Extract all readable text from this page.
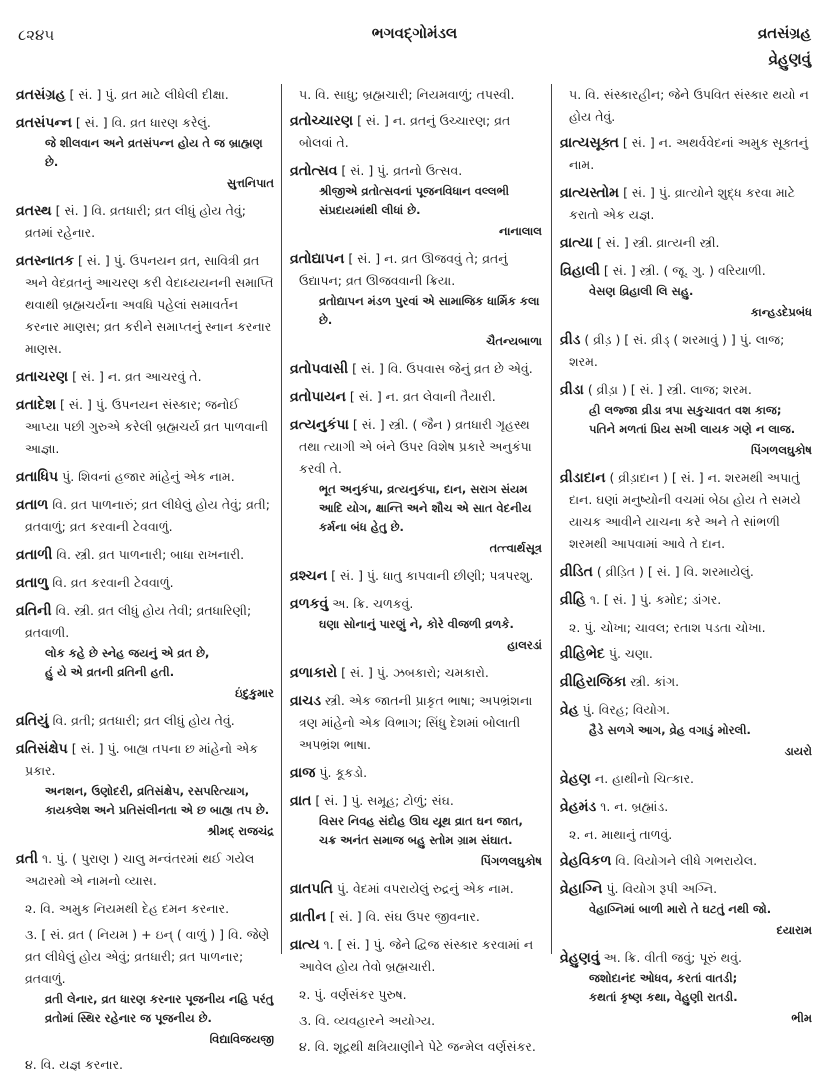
૮૨૪૫	ભગવદ્ગોમંડલ	વ્રતસંગ્રહ
વ્રેહુણવું
વ્રતસંગ્રહ [ સં. ] પું. વ્રત માટે લીધેલી દીક્ષા.
વ્રતસંપન્ન [ સં. ] વિ. વ્રત ધારણ કરેલું.
જે શીલવાન અને વ્રતસંપન્ન હોય તે જ બ્રાહ્મણ છે.
સુત્તનિપાત
વ્રતસ્થ [ સં. ] વિ. વ્રતધારી; વ્રત લીધું હોય તેવું; વ્રતમાં રહેનાર.
વ્રતસ્નાતક [ સં. ] પું. ઉપનયન વ્રત, સાવિત્રી વ્રત અને વેદવ્રતનું આચરણ કરી વેદાધ્યયનની સમાપ્તિ થવાથી બ્રહ્મચર્યના અવધિ પહેલાં સમાવર્તન કરનાર માણસ; વ્રત કરીને સમાપ્તનું સ્નાન કરનાર માણસ.
વ્રતાચરણ [ સં. ] ન. વ્રત આચરવું તે.
વ્રતાદેશ [ સં. ] પું. ઉપનયન સંસ્કાર; જનોઈ આપ્યા પછી ગુરુએ કરેલી બ્રહ્મચર્ય વ્રત પાળવાની આજ્ઞા.
વ્રતાધિપ પું. શિવનાં હજાર માંહેનું એક નામ.
વ્રતાળ વિ. વ્રત પાળનારું; વ્રત લીધેલું હોય તેવું; વ્રતી; વ્રતવાળું; વ્રત કરવાની ટેવવાળું.
વ્રતાળી વિ. સ્ત્રી. વ્રત પાળનારી; બાધા રાખનારી.
વ્રતાળુ વિ. વ્રત કરવાની ટેવવાળું.
વ્રતિની વિ. સ્ત્રી. વ્રત લીધું હોય તેવી; વ્રતધારિણી; વ્રતવાળી.
લોક કહે છે સ્નેહ જયનું એ વ્રત છે,
હું યે એ વ્રતની વ્રતિની હતી.
ઇંદુકુમાર
વ્રતિયું વિ. વ્રતી; વ્રતધારી; વ્રત લીધું હોય તેવું.
વ્રતિસંક્ષેપ [ સં. ] પું. બાહ્ય તપના છ માંહેનો એક પ્રકાર.
અનશન, ઉણોદરી, વ્રતિસંક્ષેપ, રસપરિત્યાગ, કાયક્લેશ અને પ્રતિસંલીનતા એ છ બાહ્ય તપ છે.
શ્રીમદ્ રાજચંદ્ર
વ્રતી ૧. પું. ( પુરાણ ) ચાલુ મન્વંતરમાં થઈ ગયેલ અઢારમો એ નામનો વ્યાસ.
૨. વિ. અમુક નિયમથી દેહ દમન કરનાર.
૩. [ સં. વ્રત ( નિયમ ) + ઇન્ ( વાળું ) ] વિ. જેણે વ્રત લીધેલું હોય એવું; વ્રતધારી; વ્રત પાળનાર; વ્રતવાળું.
વ્રતી લેનાર, વ્રત ધારણ કરનાર પૂજનીય નહિ પરંતુ વ્રતોમાં સ્થિર રહેનાર જ પૂજનીય છે.
વિદ્યાવિજયજી
૪. વિ. યજ્ઞ કરનાર.
૫. વિ. સાધુ; બ્રહ્મચારી; નિયમવાળું; તપસ્વી.
વ્રતોચ્ચારણ [ સં. ] ન. વ્રતનું ઉચ્ચારણ; વ્રત બોલવાં તે.
વ્રતોત્સવ [ સં. ] પું. વ્રતનો ઉત્સવ.
શ્રીજીએ વ્રતોત્સવનાં પૂજનવિધાન વલ્લભી સંપ્રદાયમાંથી લીધાં છે.
નાનાલાલ
વ્રતોદ્યાપન [ સં. ] ન. વ્રત ઊજવવું તે; વ્રતનું ઉદ્યાપન; વ્રત ઊજવવાની ક્રિયા.
વ્રતોદ્યાપન મંડળ પુરવાં એ સામાજિક ધાર્મિક કલા છે.
ચૈતન્યબાળા
વ્રતોપવાસી [ સં. ] વિ. ઉપવાસ જેનું વ્રત છે એવું.
વ્રતોપાયન [ સં. ] ન. વ્રત લેવાની તૈયારી.
વ્રત્યનુકંપા [ સં. ] સ્ત્રી. ( જૈન ) વ્રતધારી ગૃહસ્થ તથા ત્યાગી એ બંને ઉપર વિશેષ પ્રકારે અનુકંપા કરવી તે.
ભૂત અનુકંપા, વ્રત્યનુકંપા, દાન, સરાગ સંયમ આદિ યોગ, ક્ષાન્તિ અને શૌચ એ સાત વેદનીય કર્મના બંધ હેતુ છે.
તત્ત્વાર્થસૂત્ર
વ્રશ્ચન [ સં. ] પું. ધાતુ કાપવાની છીણી; પત્રપરશુ.
વ્રળકવું અ. ક્રિ. ચળકવું.
ઘણા સોનાનું પારણું ને, કોરે વીજળી વ્રળકે.
હાલરડાં
વ્રળાકારો [ સં. ] પું. ઝબકારો; ચમકારો.
વ્રાચડ સ્ત્રી. એક જાતની પ્રાકૃત ભાષા; અપભ્રંશના ત્રણ માંહેનો એક વિભાગ; સિંધુ દેશમાં બોલાતી અપભ્રંશ ભાષા.
વ્રાજ પું. કૂકડો.
વ્રાત [ સં. ] પું. સમૂહ; ટોળું; સંઘ.
વિસર નિવહ સંદોહ ઊઘ યૂથ વ્રાત ઘન જાત,
ચક્ર અનંત સમાજ બહુ સ્તોમ ગ્રામ સંઘાત.
પિંગળલઘુકોષ
વ્રાતપતિ પું. વેદમાં વપરાયેલું રુદ્રનું એક નામ.
વ્રાતીન [ સં. ] વિ. સંઘ ઉપર જીવનાર.
વ્રાત્ય ૧. [ સં. ] પું. જેને દ્વિજ સંસ્કાર કરવામાં ન આવેલ હોય તેવો બ્રહ્મચારી.
૨. પું. વર્ણસંકર પુરુષ.
૩. વિ. વ્યવહારને અયોગ્ય.
૪. વિ. શૂદ્રથી ક્ષત્રિયાણીને પેટે જન્મેલ વર્ણસંકર.
૫. વિ. સંસ્કારહીન; જેને ઉપવિત સંસ્કાર થયો ન હોય તેવું.
વ્રાત્યસૂક્ત [ સં. ] ન. અથર્વવેદનાં અમુક સૂક્તનું નામ.
વ્રાત્યસ્તોમ [ સં. ] પું. વ્રાત્યોને શુદ્ધ કરવા માટે કરાતો એક યજ્ઞ.
વ્રાત્યા [ સં. ] સ્ત્રી. વ્રાત્યની સ્ત્રી.
વ્રિહાલી [ સં. ] સ્ત્રી. ( જૂ. ગુ. ) વરિયાળી.
વેસણ વ્રિહાલી લિ સહુ.
કાન્હડદેપ્રબંધ
વ્રીડ ( વ્રીડ઼ ) [ સં. વ્રીડ્ ( શરમાવું ) ] પું. લાજ; શરમ.
વ્રીડા ( વ્રીડ઼ા ) [ સં. ] સ્ત્રી. લાજ; શરમ.
હ્રી લજ્જા વ્રીડા ત્રપા સકુચાવત વશ કાજ;
પતિને મળતાં પ્રિય સખી લાયક ગણે ન લાજ.
પિંગળલઘુકોષ
વ્રીડાદાન ( વ્રીડ઼ાદાન ) [ સં. ] ન. શરમથી અપાતું દાન. ઘણાં મનુષ્યોની વચમાં બેઠા હોય તે સમયે યાચક આવીને યાચના કરે અને તે સાંભળી શરમથી આપવામાં આવે તે દાન.
વ્રીડિત ( વ્રીડ઼િત ) [ સં. ] વિ. શરમાયેલું.
વ્રીહિ ૧. [ સં. ] પું. કમોદ; ડાંગર.
૨. પું. ચોખા; ચાવલ; રતાશ પડતા ચોખા.
વ્રીહિભેદ પું. ચણા.
વ્રીહિરાજિકા સ્ત્રી. કાંગ.
વ્રેહ પું. વિરહ; વિયોગ.
હૈડે સળગે આગ, વ્રેહ વગાડું મોરલી.
ડાયરો
વ્રેહણ ન. હાથીનો ચિત્કાર.
વ્રેહમંડ ૧. ન. બ્રહ્માંડ.
૨. ન. માથાનું તાળવું.
વ્રેહવિકળ વિ. વિયોગને લીધે ગભરાયેલ.
વ્રેહાગ્નિ પું. વિયોગ રૂપી અગ્નિ.
વેહાગ્નિમાં બાળી મારો તે ઘટતું નથી જો.
દયારામ
વ્રેહુણવું અ. ક્રિ. વીતી જવું; પૂરું થવું.
જશોદાનંદ ઓધવ, કરતાં વાતડી;
કથતાં કૃષ્ણ કથા, વેહુણી રાતડી.
ભીમ
